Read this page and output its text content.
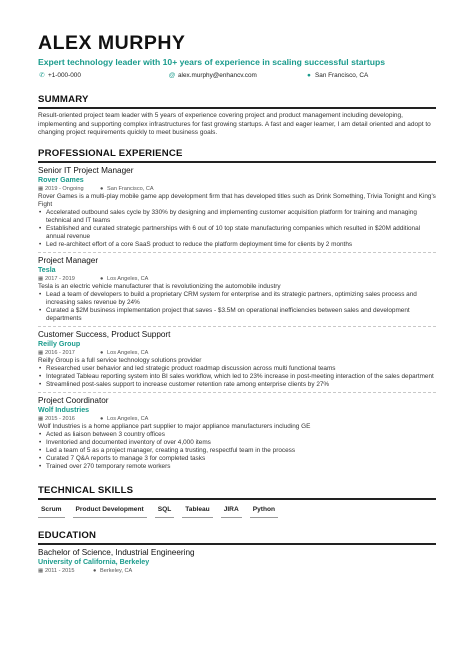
ALEX MURPHY
Expert technology leader with 10+ years of experience in scaling successful startups
✆ +1-000-000	@ alex.murphy@enhancv.com	● San Francisco, CA
SUMMARY
Result-oriented project team leader with 5 years of experience covering project and product management including developing, implementing and supporting complex infrastructures for fast growing startups. A fast and eager learner, I am detail oriented and adopt to changing project requirements quickly to meet business goals.
PROFESSIONAL EXPERIENCE
Senior IT Project Manager
Rover Games
▦ 2019 - Ongoing	● San Francisco, CA
Rover Games is a multi-play mobile game app development firm that has developed titles such as Drink Something, Trivia Tonight and King's Fight
• Accelerated outbound sales cycle by 330% by designing and implementing customer acquisition platform for training and managing technical and IT teams
• Established and curated strategic partnerships with 6 out of 10 top state manufacturing companies which resulted in $20M additional annual revenue
• Led re-architect effort of a core SaaS product to reduce the platform deployment time for clients by 2 months
Project Manager
Tesla
▦ 2017 - 2019	● Los Angeles, CA
Tesla is an electric vehicle manufacturer that is revolutionizing the automobile industry
• Lead a team of developers to build a proprietary CRM system for enterprise and its strategic partners, optimizing sales process and increasing sales revenue by 24%
• Curated a $2M business implementation project that saves - $3.5M on operational inefficiencies between sales and development departments
Customer Success, Product Support
Reilly Group
▦ 2016 - 2017	● Los Angeles, CA
Reilly Group is a full service technology solutions provider
• Researched user behavior and led strategic product roadmap discussion across multi functional teams
• Integrated Tableau reporting system into BI sales workflow, which led to 23% increase in post-meeting interaction of the sales department
• Streamlined post-sales support to increase customer retention rate among enterprise clients by 27%
Project Coordinator
Wolf Industries
▦ 2015 - 2016	● Los Angeles, CA
Wolf Industries is a home appliance part supplier to major appliance manufacturers including GE
• Acted as liaison between 3 country offices
• Inventoried and documented inventory of over 4,000 items
• Led a team of 5 as a project manager, creating a trusting, respectful team in the process
• Curated 7 Q&A reports to manage 3 for completed tasks
• Trained over 270 temporary remote workers
TECHNICAL SKILLS
Scrum	Product Development	SQL	Tableau	JIRA	Python
EDUCATION
Bachelor of Science, Industrial Engineering
University of California, Berkeley
▦ 2011 - 2015	● Berkeley, CA
